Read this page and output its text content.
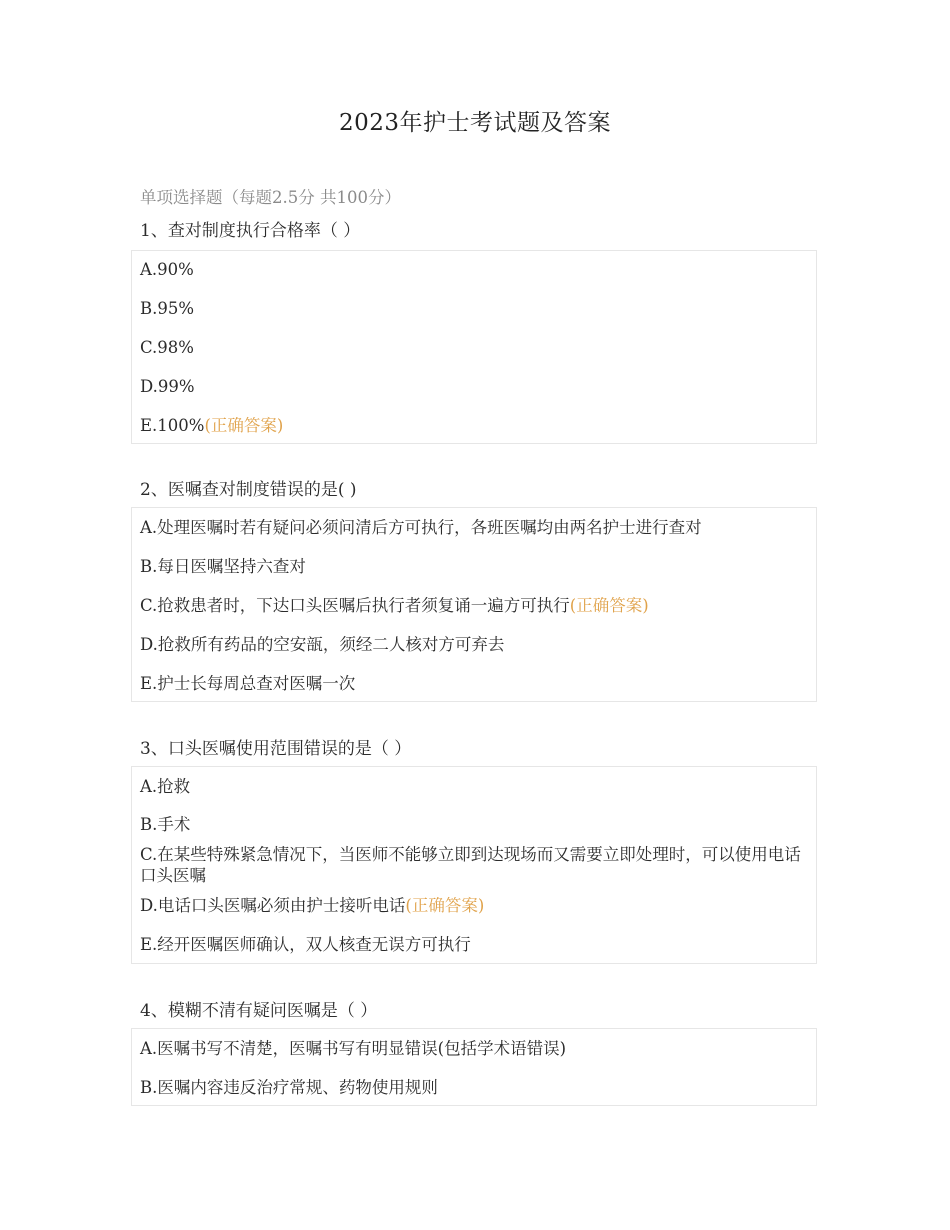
2023年护士考试题及答案
单项选择题（每题2.5分 共100分）
1、查对制度执行合格率（ ）
A.90%
B.95%
C.98%
D.99%
E.100%(正确答案)
2、医嘱查对制度错误的是( )
A.处理医嘱时若有疑问必须问清后方可执行，各班医嘱均由两名护士进行查对
B.每日医嘱坚持六查对
C.抢救患者时，下达口头医嘱后执行者须复诵一遍方可执行(正确答案)
D.抢救所有药品的空安瓿，须经二人核对方可弃去
E.护士长每周总查对医嘱一次
3、口头医嘱使用范围错误的是（ ）
A.抢救
B.手术
C.在某些特殊紧急情况下，当医师不能够立即到达现场而又需要立即处理时，可以使用电话口头医嘱
D.电话口头医嘱必须由护士接听电话(正确答案)
E.经开医嘱医师确认，双人核查无误方可执行
4、模糊不清有疑问医嘱是（ ）
A.医嘱书写不清楚，医嘱书写有明显错误(包括学术语错误)
B.医嘱内容违反治疗常规、药物使用规则
